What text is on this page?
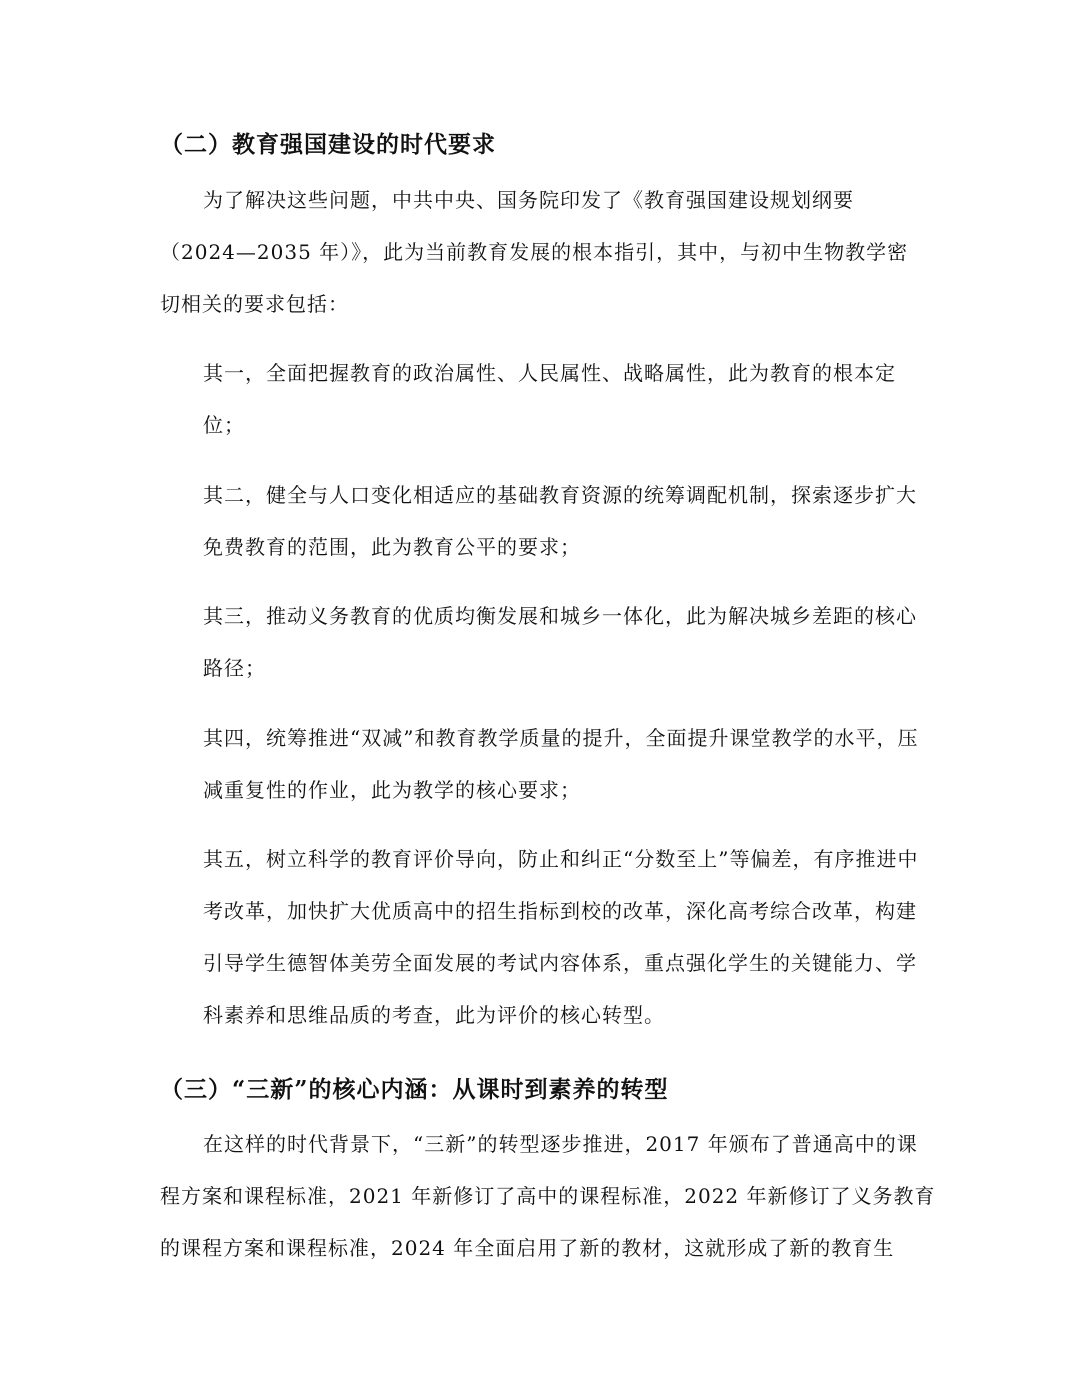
（二）教育强国建设的时代要求
为了解决这些问题，中共中央、国务院印发了《教育强国建设规划纲要
（2024—2035 年）》，此为当前教育发展的根本指引，其中，与初中生物教学密
切相关的要求包括：
其一，全面把握教育的政治属性、人民属性、战略属性，此为教育的根本定
位；
其二，健全与人口变化相适应的基础教育资源的统筹调配机制，探索逐步扩大
免费教育的范围，此为教育公平的要求；
其三，推动义务教育的优质均衡发展和城乡一体化，此为解决城乡差距的核心
路径；
其四，统筹推进“双减”和教育教学质量的提升，全面提升课堂教学的水平，压
减重复性的作业，此为教学的核心要求；
其五，树立科学的教育评价导向，防止和纠正“分数至上”等偏差，有序推进中
考改革，加快扩大优质高中的招生指标到校的改革，深化高考综合改革，构建
引导学生德智体美劳全面发展的考试内容体系，重点强化学生的关键能力、学
科素养和思维品质的考查，此为评价的核心转型。
（三）“三新”的核心内涵：从课时到素养的转型
在这样的时代背景下，“三新”的转型逐步推进，2017 年颁布了普通高中的课
程方案和课程标准，2021 年新修订了高中的课程标准，2022 年新修订了义务教育
的课程方案和课程标准，2024 年全面启用了新的教材，这就形成了新的教育生
